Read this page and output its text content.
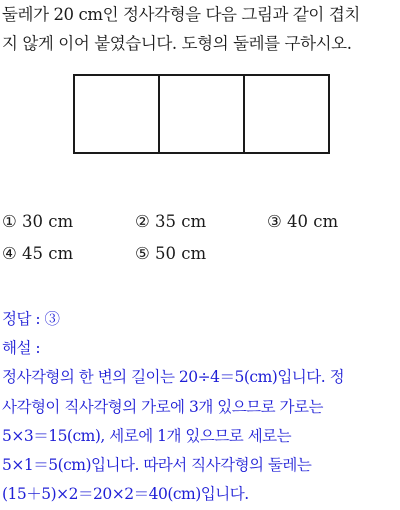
둘레가 20 cm인 정사각형을 다음 그림과 같이 겹치
지 않게 이어 붙였습니다. 도형의 둘레를 구하시오.
① 30 cm	② 35 cm	③ 40 cm
④ 45 cm	⑤ 50 cm
정답 : ③
해설 :
정사각형의 한 변의 길이는 20÷4＝5(cm)입니다. 정
사각형이 직사각형의 가로에 3개 있으므로 가로는
5×3＝15(cm), 세로에 1개 있으므로 세로는
5×1＝5(cm)입니다. 따라서 직사각형의 둘레는
(15＋5)×2＝20×2＝40(cm)입니다.
